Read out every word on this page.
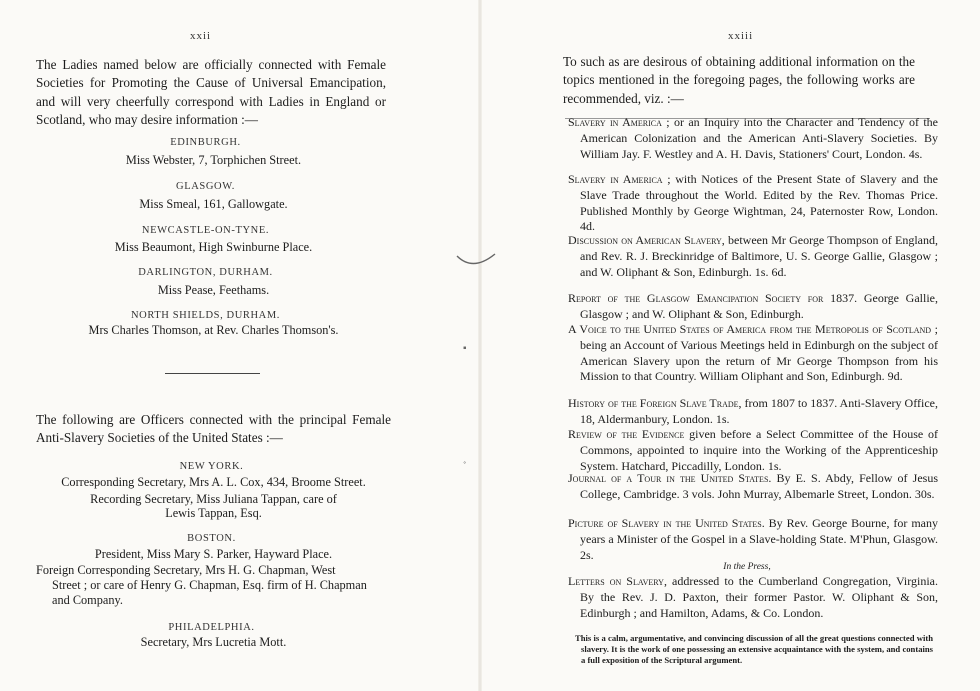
xxii

The Ladies named below are officially connected with Female Societies for Promoting the Cause of Universal Emancipation, and will very cheerfully correspond with Ladies in England or Scotland, who may desire information :—

EDINBURGH.
Miss Webster, 7, Torphichen Street.
GLASGOW.
Miss Smeal, 161, Gallowgate.
NEWCASTLE-ON-TYNE.
Miss Beaumont, High Swinburne Place.
DARLINGTON, DURHAM.
Miss Pease, Feethams.
NORTH SHIELDS, DURHAM.
Mrs Charles Thomson, at Rev. Charles Thomson's.

The following are Officers connected with the principal Female Anti-Slavery Societies of the United States :—

NEW YORK.
Corresponding Secretary, Mrs A. L. Cox, 434, Broome Street.
Recording Secretary, Miss Juliana Tappan, care of
Lewis Tappan, Esq.
BOSTON.
President, Miss Mary S. Parker, Hayward Place.
Foreign Corresponding Secretary, Mrs H. G. Chapman, West
Street ; or care of Henry G. Chapman, Esq. firm of H. Chapman
and Company.
PHILADELPHIA.
Secretary, Mrs Lucretia Mott.
▪
˚
xxiii

To such as are desirous of obtaining additional information on the topics mentioned in the foregoing pages, the following works are recommended, viz. :—

Slavery in America ; or an Inquiry into the Character and Tendency of the American Colonization and the American Anti-Slavery Societies. By William Jay. F. Westley and A. H. Davis, Stationers' Court, London. 4s.

Slavery in America ; with Notices of the Present State of Slavery and the Slave Trade throughout the World. Edited by the Rev. Thomas Price. Published Monthly by George Wightman, 24, Paternoster Row, London. 4d.

Discussion on American Slavery, between Mr George Thompson of England, and Rev. R. J. Breckinridge of Baltimore, U. S. George Gallie, Glasgow ; and W. Oliphant & Son, Edinburgh. 1s. 6d.

Report of the Glasgow Emancipation Society for 1837. George Gallie, Glasgow ; and W. Oliphant & Son, Edinburgh.

A Voice to the United States of America from the Metropolis of Scotland ; being an Account of Various Meetings held in Edinburgh on the subject of American Slavery upon the return of Mr George Thompson from his Mission to that Country. William Oliphant and Son, Edinburgh. 9d.

History of the Foreign Slave Trade, from 1807 to 1837. Anti-Slavery Office, 18, Aldermanbury, London. 1s.

Review of the Evidence given before a Select Committee of the House of Commons, appointed to inquire into the Working of the Apprenticeship System. Hatchard, Piccadilly, London. 1s.

Journal of a Tour in the United States. By E. S. Abdy, Fellow of Jesus College, Cambridge. 3 vols. John Murray, Albemarle Street, London. 30s.

Picture of Slavery in the United States. By Rev. George Bourne, for many years a Minister of the Gospel in a Slave-holding State. M'Phun, Glasgow. 2s.

In the Press,

Letters on Slavery, addressed to the Cumberland Congregation, Virginia. By the Rev. J. D. Paxton, their former Pastor. W. Oliphant & Son, Edinburgh ; and Hamilton, Adams, & Co. London.

This is a calm, argumentative, and convincing discussion of all the great questions connected with slavery. It is the work of one possessing an extensive acquaintance with the system, and contains a full exposition of the Scriptural argument.
